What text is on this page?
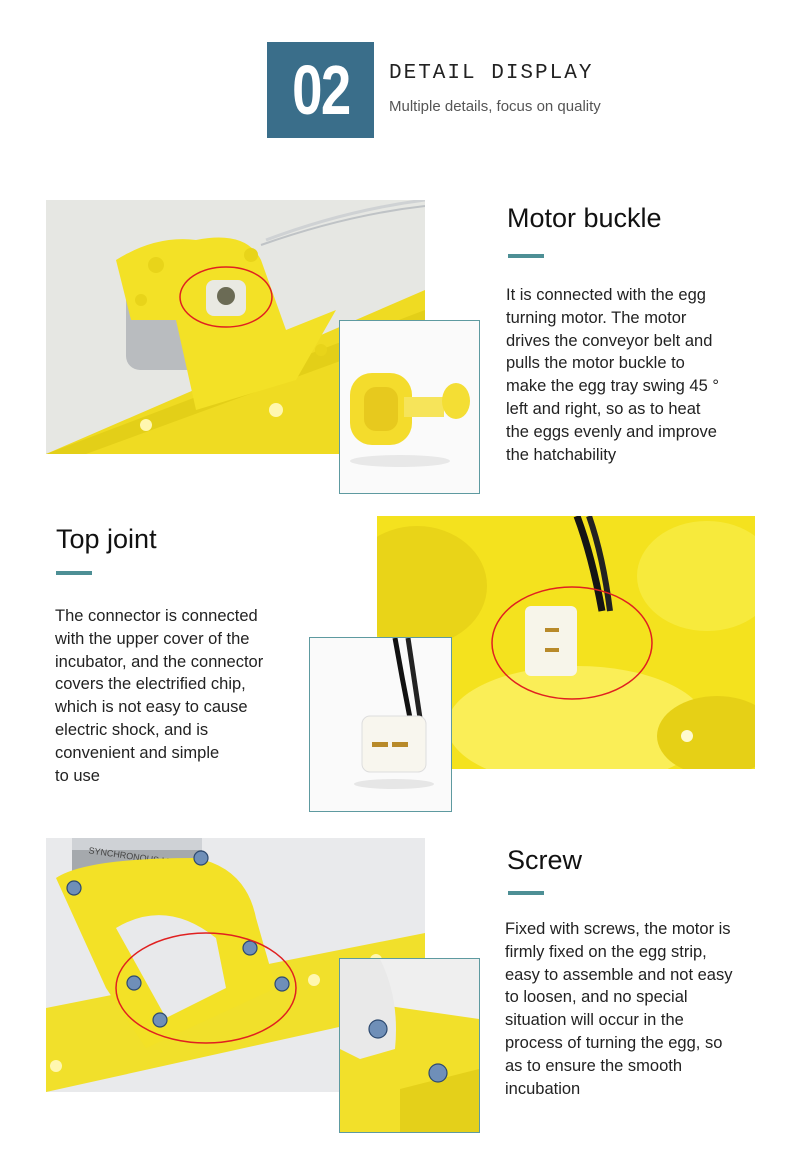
02 DETAIL DISPLAY
Multiple details, focus on quality
Motor buckle
It is connected with the egg
turning motor. The motor
drives the conveyor belt and
pulls the motor buckle to
make the egg tray swing 45 °
left and right, so as to heat
the eggs evenly and improve
the hatchability
Top joint
The connector is connected
with the upper cover of the
incubator, and the connector
covers the electrified chip,
which is not easy to cause
electric shock, and is
convenient and simple
to use
Screw
Fixed with screws, the motor is
firmly fixed on the egg strip,
easy to assemble and not easy
to loosen, and no special
situation will occur in the
process of turning the egg, so
as to ensure the smooth
incubation
